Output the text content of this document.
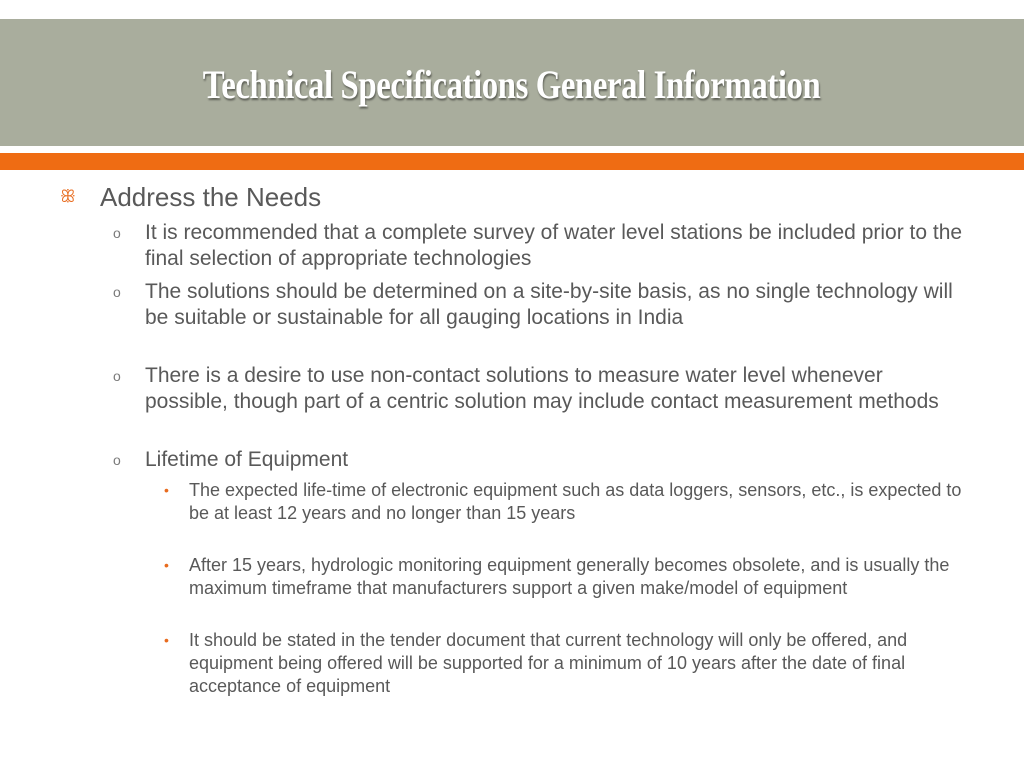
Technical Specifications General Information
ꕥ Address the Needs
o	It is recommended that a complete survey of water level stations be included prior to the final selection of appropriate technologies
o	The solutions should be determined on a site-by-site basis, as no single technology will be suitable or sustainable for all gauging locations in India
o	There is a desire to use non-contact solutions to measure water level whenever possible, though part of a centric solution may include contact measurement methods
o	Lifetime of Equipment
•	The expected life-time of electronic equipment such as data loggers, sensors, etc., is expected to be at least 12 years and no longer than 15 years
•	After 15 years, hydrologic monitoring equipment generally becomes obsolete, and is usually the maximum timeframe that manufacturers support a given make/model of equipment
•	It should be stated in the tender document that current technology will only be offered, and equipment being offered will be supported for a minimum of 10 years after the date of final acceptance of equipment
